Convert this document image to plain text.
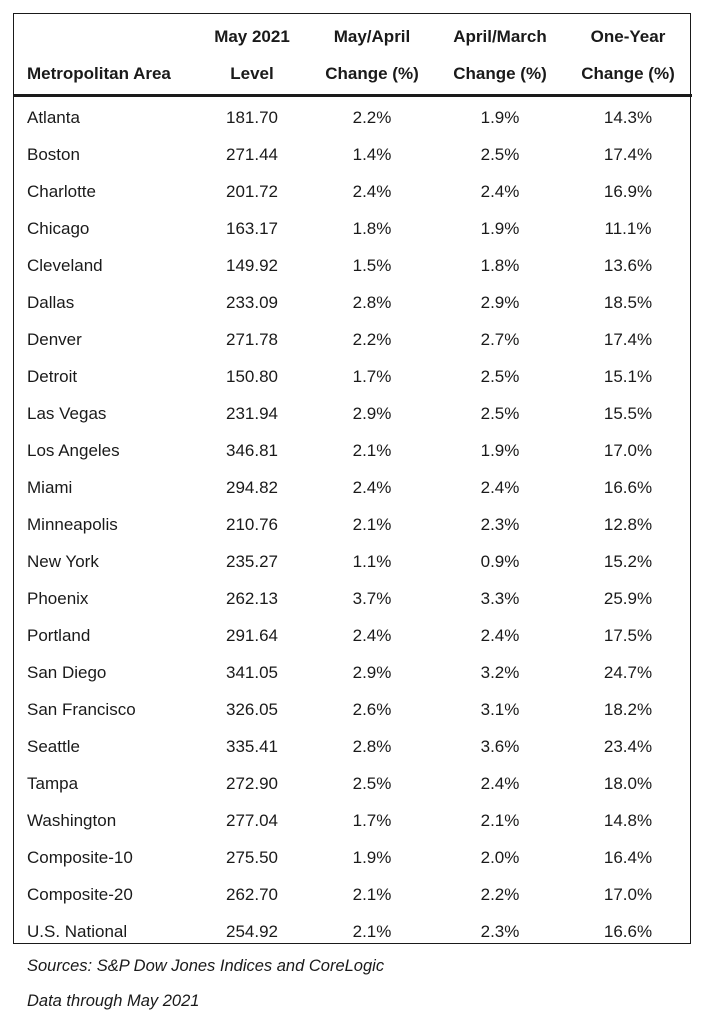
	May 2021	May/April	April/March	One-Year
Metropolitan Area	Level	Change (%)	Change (%)	Change (%)
Atlanta	181.70	2.2%	1.9%	14.3%
Boston	271.44	1.4%	2.5%	17.4%
Charlotte	201.72	2.4%	2.4%	16.9%
Chicago	163.17	1.8%	1.9%	11.1%
Cleveland	149.92	1.5%	1.8%	13.6%
Dallas	233.09	2.8%	2.9%	18.5%
Denver	271.78	2.2%	2.7%	17.4%
Detroit	150.80	1.7%	2.5%	15.1%
Las Vegas	231.94	2.9%	2.5%	15.5%
Los Angeles	346.81	2.1%	1.9%	17.0%
Miami	294.82	2.4%	2.4%	16.6%
Minneapolis	210.76	2.1%	2.3%	12.8%
New York	235.27	1.1%	0.9%	15.2%
Phoenix	262.13	3.7%	3.3%	25.9%
Portland	291.64	2.4%	2.4%	17.5%
San Diego	341.05	2.9%	3.2%	24.7%
San Francisco	326.05	2.6%	3.1%	18.2%
Seattle	335.41	2.8%	3.6%	23.4%
Tampa	272.90	2.5%	2.4%	18.0%
Washington	277.04	1.7%	2.1%	14.8%
Composite-10	275.50	1.9%	2.0%	16.4%
Composite-20	262.70	2.1%	2.2%	17.0%
U.S. National	254.92	2.1%	2.3%	16.6%
Sources: S&P Dow Jones Indices and CoreLogic
Data through May 2021
